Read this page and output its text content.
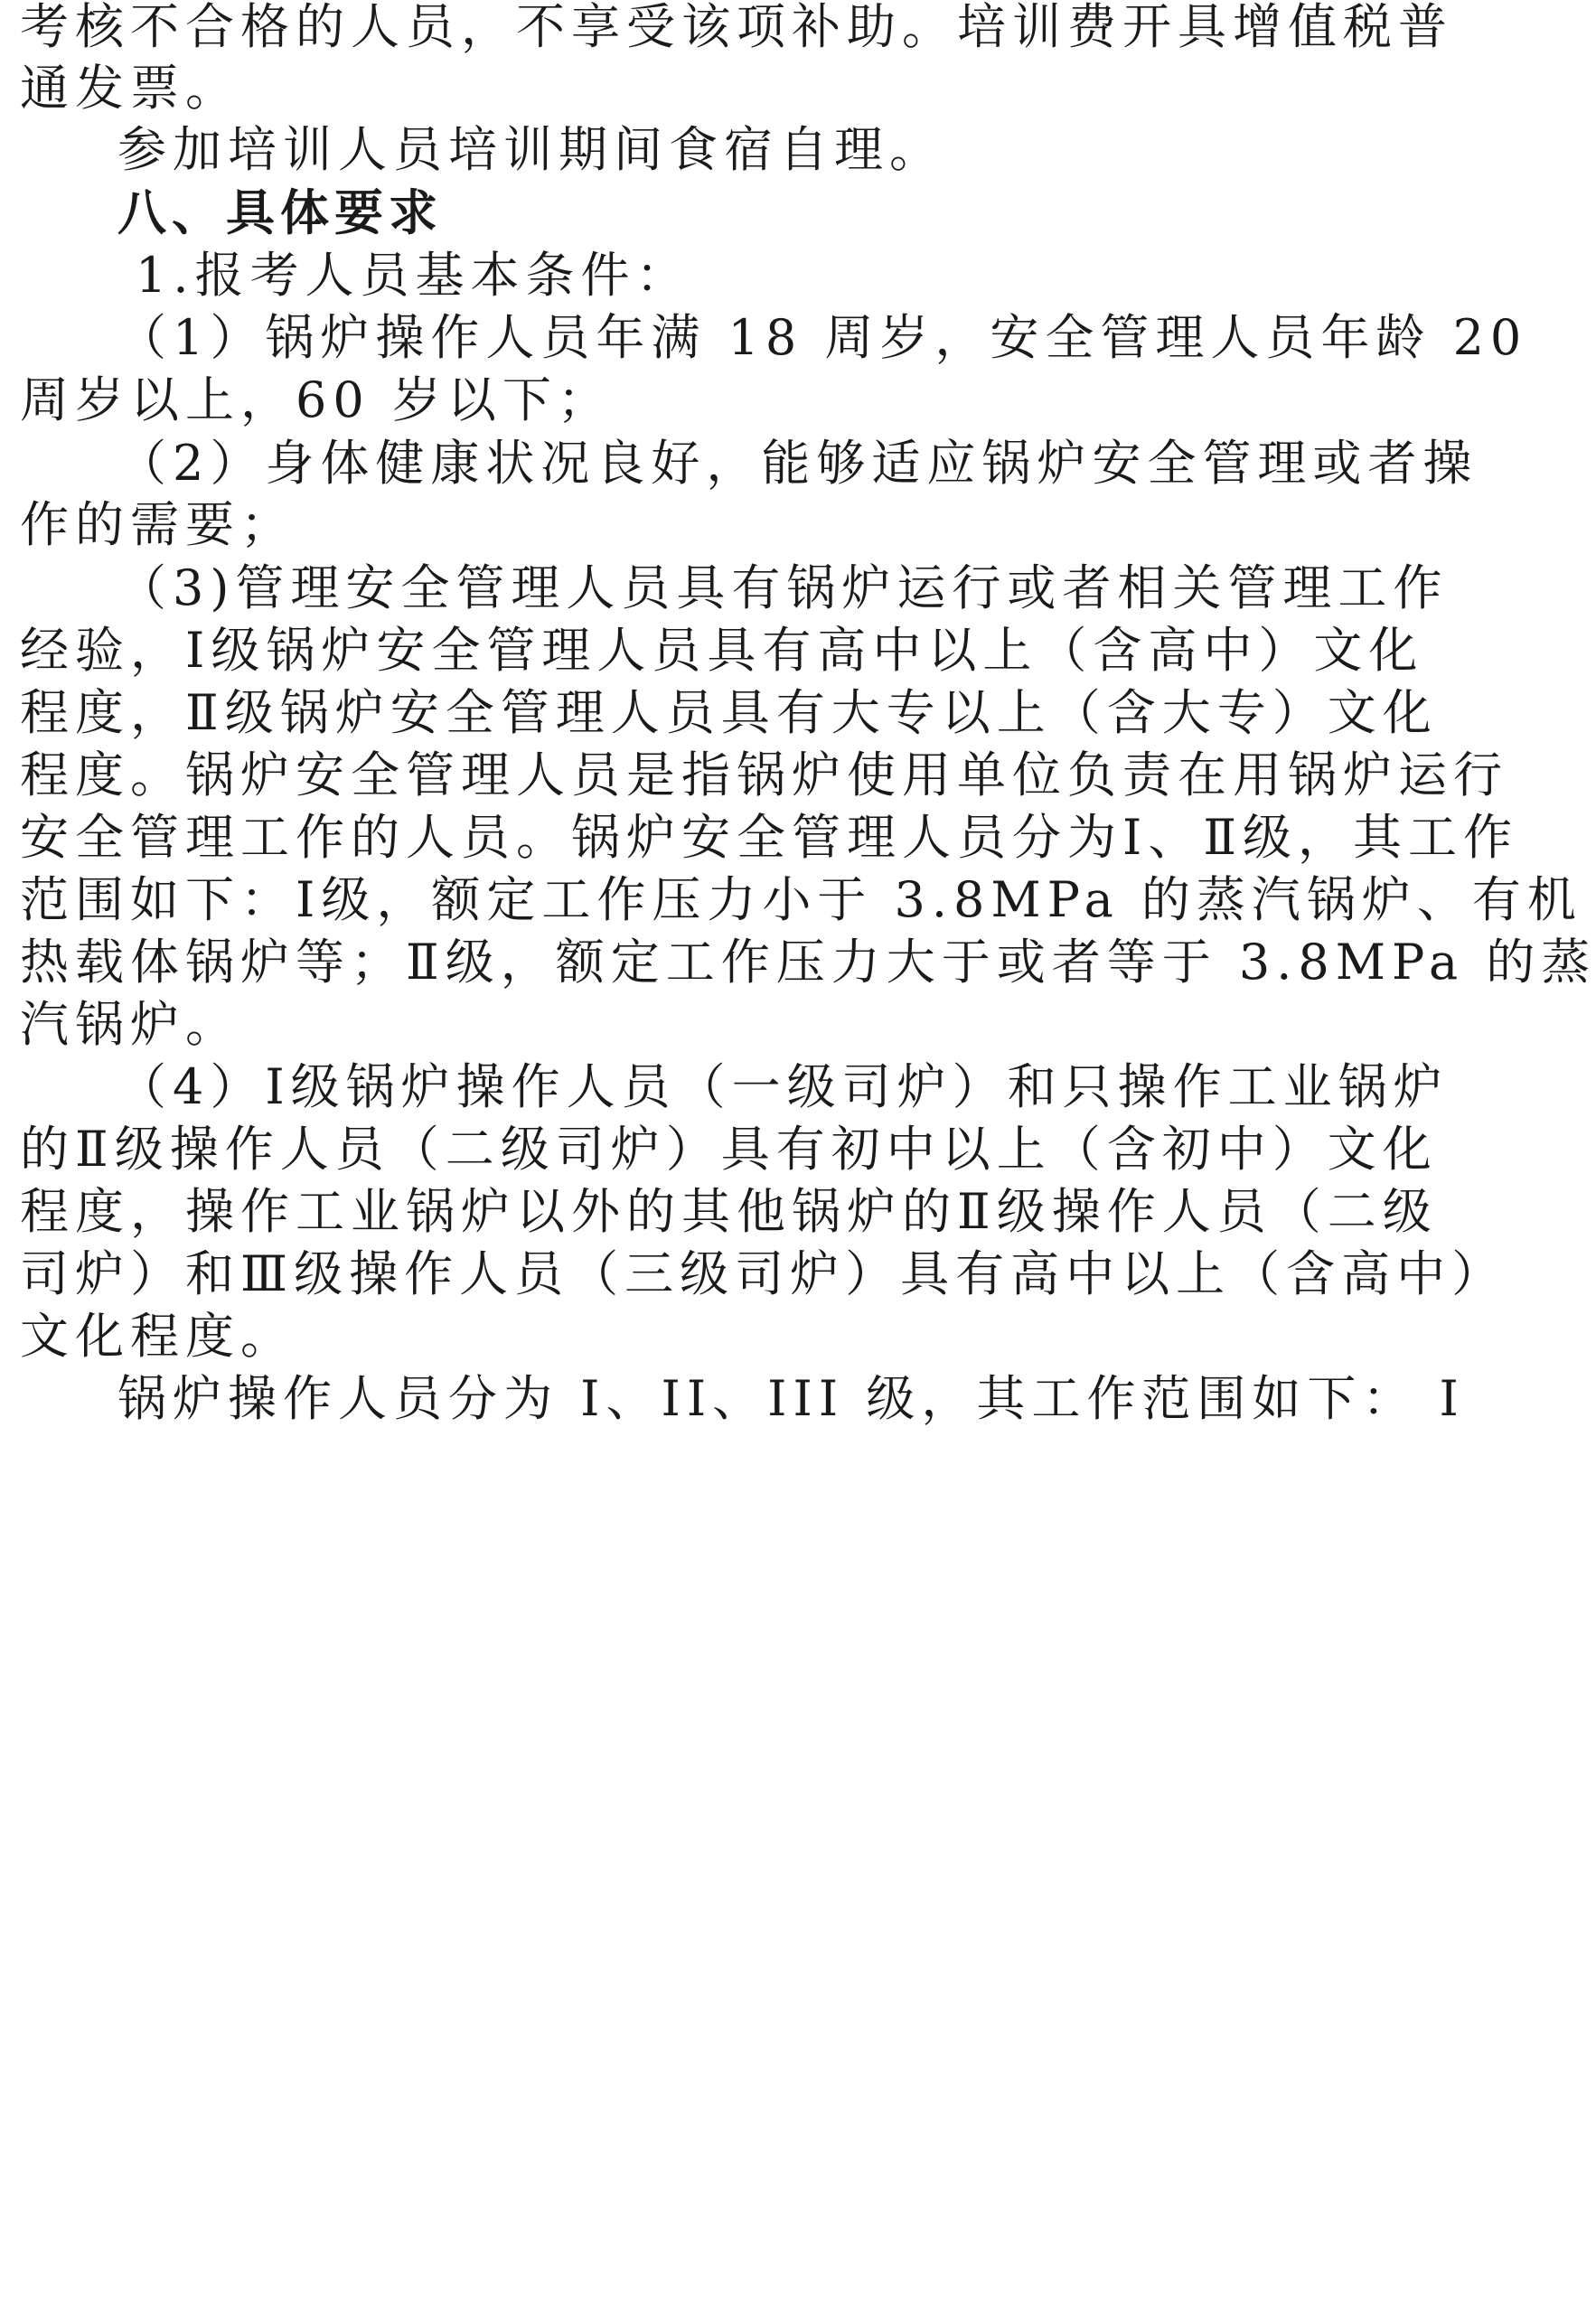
考核不合格的人员，不享受该项补助。培训费开具增值税普
通发票。
参加培训人员培训期间食宿自理。
八、具体要求
1.报考人员基本条件：
（1）锅炉操作人员年满 18 周岁，安全管理人员年龄 20
周岁以上，60 岁以下；
（2）身体健康状况良好，能够适应锅炉安全管理或者操
作的需要；
（3)管理安全管理人员具有锅炉运行或者相关管理工作
经验，Ⅰ级锅炉安全管理人员具有高中以上（含高中）文化
程度，Ⅱ级锅炉安全管理人员具有大专以上（含大专）文化
程度。锅炉安全管理人员是指锅炉使用单位负责在用锅炉运行
安全管理工作的人员。锅炉安全管理人员分为Ⅰ、Ⅱ级，其工作
范围如下：Ⅰ级，额定工作压力小于 3.8MPa 的蒸汽锅炉、有机
热载体锅炉等；Ⅱ级，额定工作压力大于或者等于 3.8MPa 的蒸
汽锅炉。
（4）Ⅰ级锅炉操作人员（一级司炉）和只操作工业锅炉
的Ⅱ级操作人员（二级司炉）具有初中以上（含初中）文化
程度，操作工业锅炉以外的其他锅炉的Ⅱ级操作人员（二级
司炉）和Ⅲ级操作人员（三级司炉）具有高中以上（含高中）
文化程度。
锅炉操作人员分为 I、II、III 级，其工作范围如下： I
